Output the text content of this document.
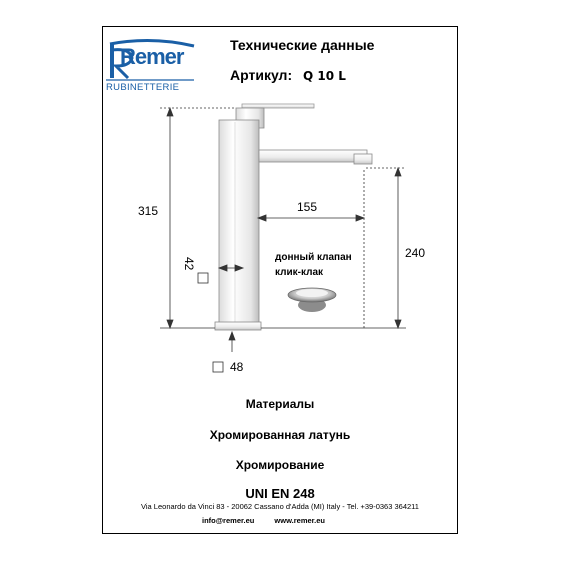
Remer
RUBINETTERIE
Технические данные
Артикул: Q 10 L
315	155
240
42
48
донный клапан
клик-клак
Материалы
Хромированная латунь
Хромирование
UNI EN 248
Via Leonardo da Vinci 83 - 20062 Cassano d'Adda (MI) Italy - Tel. +39-0363 364211
info@remer.eu	www.remer.eu
